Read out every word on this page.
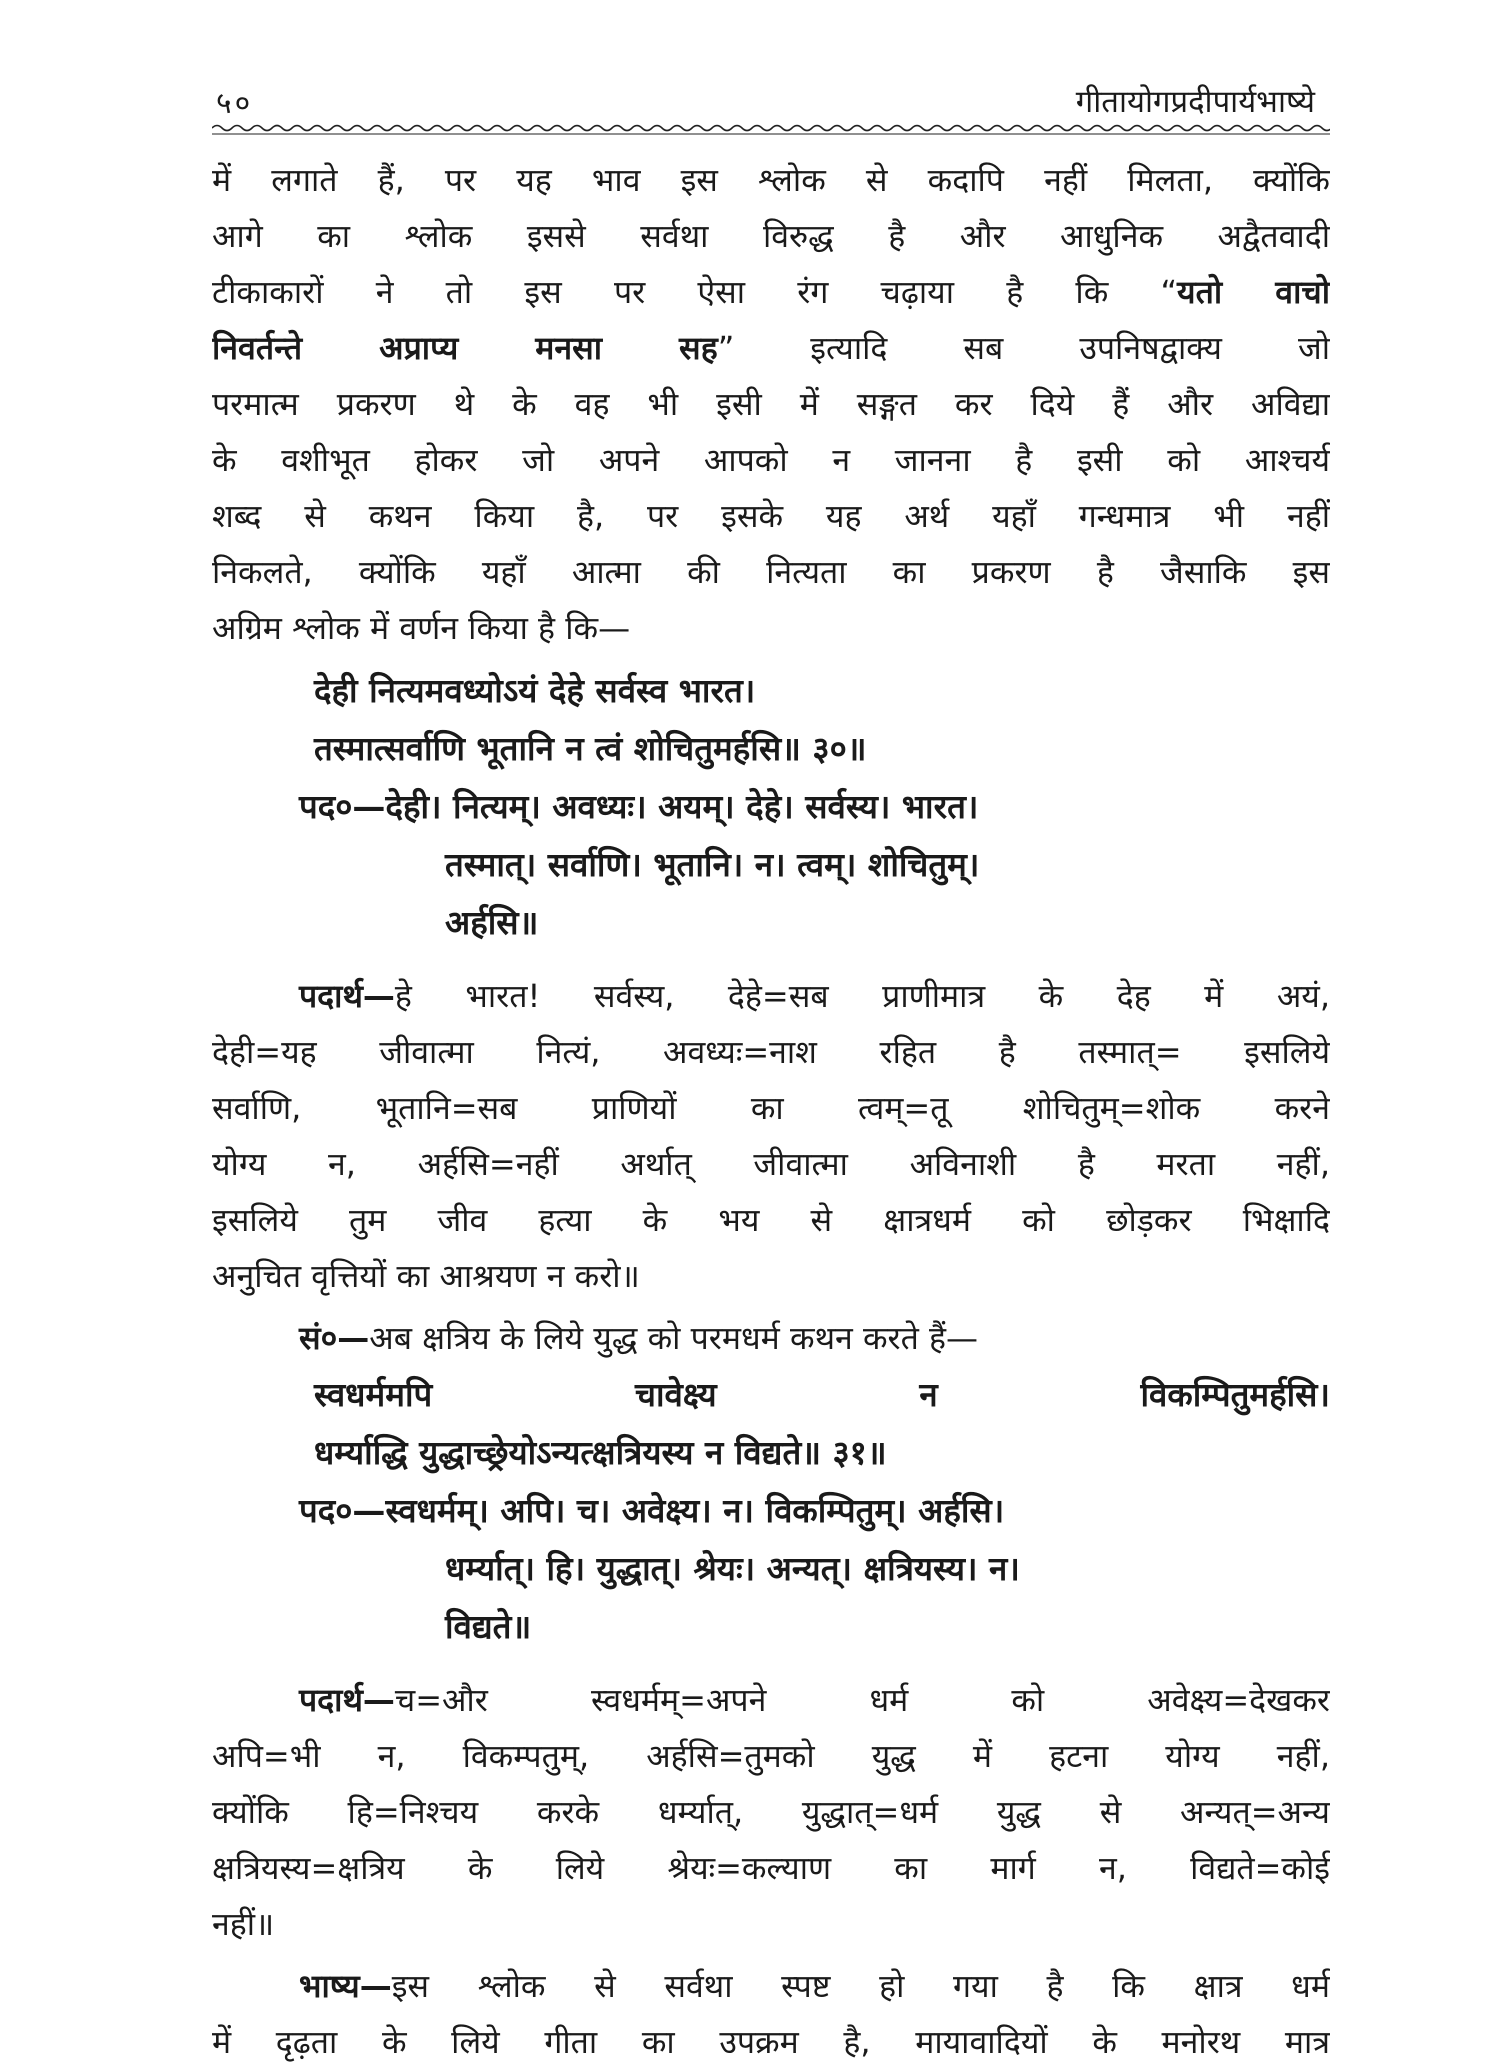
५०	गीतायोगप्रदीपार्यभाष्ये
में लगाते हैं, पर यह भाव इस श्लोक से कदापि नहीं मिलता, क्योंकि
आगे का श्लोक इससे सर्वथा विरुद्ध है और आधुनिक अद्वैतवादी
टीकाकारों ने तो इस पर ऐसा रंग चढ़ाया है कि “यतो वाचो
निवर्तन्ते अप्राप्य मनसा सह” इत्यादि सब उपनिषद्वाक्य जो
परमात्म प्रकरण थे के वह भी इसी में सङ्गत कर दिये हैं और अविद्या
के वशीभूत होकर जो अपने आपको न जानना है इसी को आश्चर्य
शब्द से कथन किया है, पर इसके यह अर्थ यहाँ गन्धमात्र भी नहीं
निकलते, क्योंकि यहाँ आत्मा की नित्यता का प्रकरण है जैसाकि इस
अग्रिम श्लोक में वर्णन किया है कि—
देही नित्यमवध्योऽयं देहे सर्वस्व भारत।
तस्मात्सर्वाणि भूतानि न त्वं शोचितुमर्हसि॥ ३०॥
पद०—देही। नित्यम्। अवध्यः। अयम्। देहे। सर्वस्य। भारत।
तस्मात्। सर्वाणि। भूतानि। न। त्वम्। शोचितुम्।
अर्हसि॥
पदार्थ—हे भारत! सर्वस्य, देहे=सब प्राणीमात्र के देह में अयं,
देही=यह जीवात्मा नित्यं, अवध्यः=नाश रहित है तस्मात्= इसलिये
सर्वाणि, भूतानि=सब प्राणियों का त्वम्=तू शोचितुम्=शोक करने
योग्य न, अर्हसि=नहीं अर्थात् जीवात्मा अविनाशी है मरता नहीं,
इसलिये तुम जीव हत्या के भय से क्षात्रधर्म को छोड़कर भिक्षादि
अनुचित वृत्तियों का आश्रयण न करो॥
सं०—अब क्षत्रिय के लिये युद्ध को परमधर्म कथन करते हैं—
स्वधर्ममपि चावेक्ष्य न विकम्पितुमर्हसि।
धर्म्याद्धि युद्धाच्छ्रेयोऽन्यत्क्षत्रियस्य न विद्यते॥ ३१॥
पद०—स्वधर्मम्। अपि। च। अवेक्ष्य। न। विकम्पितुम्। अर्हसि।
धर्म्यात्। हि। युद्धात्। श्रेयः। अन्यत्। क्षत्रियस्य। न।
विद्यते॥
पदार्थ—च=और स्वधर्मम्=अपने धर्म को अवेक्ष्य=देखकर
अपि=भी न, विकम्पतुम्, अर्हसि=तुमको युद्ध में हटना योग्य नहीं,
क्योंकि हि=निश्चय करके धर्म्यात्, युद्धात्=धर्म युद्ध से अन्यत्=अन्य
क्षत्रियस्य=क्षत्रिय के लिये श्रेयः=कल्याण का मार्ग न, विद्यते=कोई
नहीं॥
भाष्य—इस श्लोक से सर्वथा स्पष्ट हो गया है कि क्षात्र धर्म
में दृढ़ता के लिये गीता का उपक्रम है, मायावादियों के मनोरथ मात्र
